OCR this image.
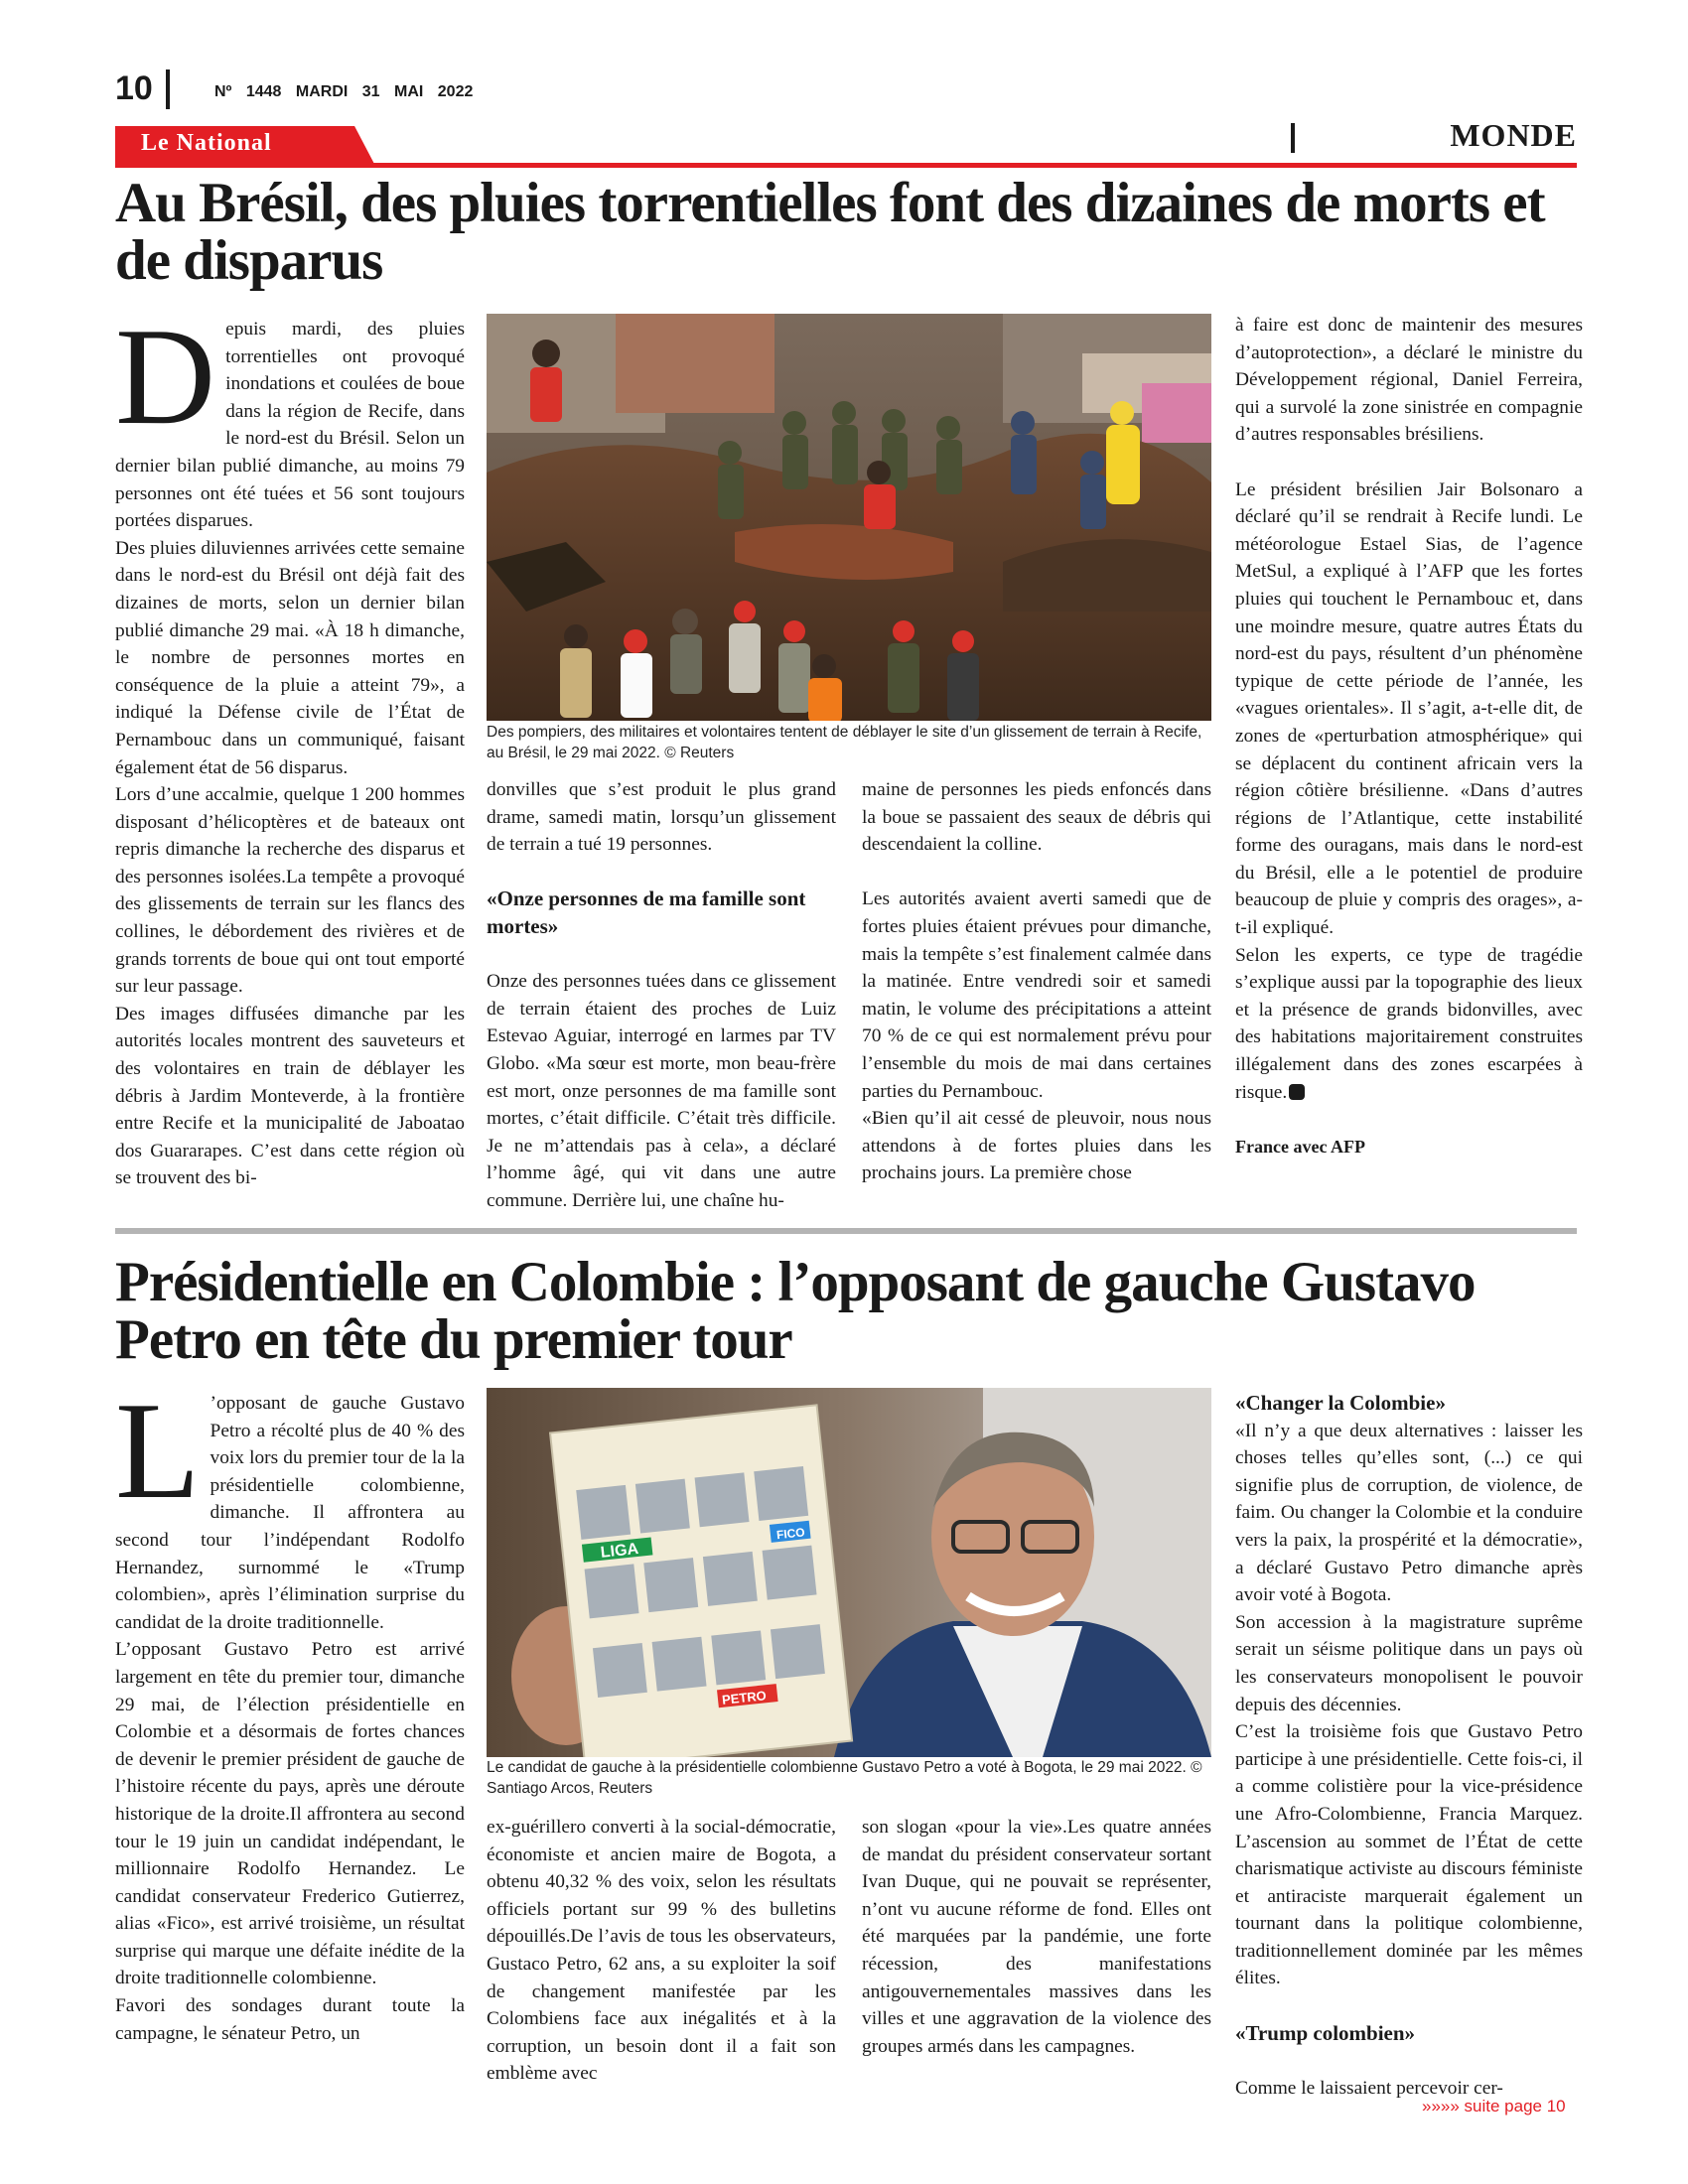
10	Nº 1448 MARDI 31 MAI 2022
Le National	MONDE
Au Brésil, des pluies torrentielles font des dizaines de morts et de disparus
D epuis mardi, des pluies torrentielles ont provoqué inondations et coulées de boue dans la région de Recife, dans le nord-est du Brésil. Selon un dernier bilan publié dimanche, au moins 79 personnes ont été tuées et 56 sont toujours portées disparues.

Des pluies diluviennes arrivées cette semaine dans le nord-est du Brésil ont déjà fait des dizaines de morts, selon un dernier bilan publié dimanche 29 mai. «À 18 h dimanche, le nombre de personnes mortes en conséquence de la pluie a atteint 79», a indiqué la Défense civile de l’État de Pernambouc dans un communiqué, faisant également état de 56 disparus.

Lors d’une accalmie, quelque 1 200 hommes disposant d’hélicoptères et de bateaux ont repris dimanche la recherche des disparus et des personnes isolées.La tempête a provoqué des glissements de terrain sur les flancs des collines, le débordement des rivières et de grands torrents de boue qui ont tout emporté sur leur passage.

Des images diffusées dimanche par les autorités locales montrent des sauveteurs et des volontaires en train de déblayer les débris à Jardim Monteverde, à la frontière entre Recife et la municipalité de Jaboatao dos Guararapes. C’est dans cette région où se trouvent des bi-

Des pompiers, des militaires et volontaires tentent de déblayer le site d’un glissement de terrain à Recife, au Brésil, le 29 mai 2022. © Reuters

donvilles que s’est produit le plus grand drame, samedi matin, lorsqu’un glissement de terrain a tué 19 personnes.

«Onze personnes de ma famille sont mortes»

Onze des personnes tuées dans ce glissement de terrain étaient des proches de Luiz Estevao Aguiar, interrogé en larmes par TV Globo. «Ma sœur est morte, mon beau-frère est mort, onze personnes de ma famille sont mortes, c’était difficile. C’était très difficile. Je ne m’attendais pas à cela», a déclaré l’homme âgé, qui vit dans une autre commune. Derrière lui, une chaîne hu-

maine de personnes les pieds enfoncés dans la boue se passaient des seaux de débris qui descendaient la colline.

Les autorités avaient averti samedi que de fortes pluies étaient prévues pour dimanche, mais la tempête s’est finalement calmée dans la matinée. Entre vendredi soir et samedi matin, le volume des précipitations a atteint 70 % de ce qui est normalement prévu pour l’ensemble du mois de mai dans certaines parties du Pernambouc.

«Bien qu’il ait cessé de pleuvoir, nous nous attendons à de fortes pluies dans les prochains jours. La première chose

à faire est donc de maintenir des mesures d’autoprotection», a déclaré le ministre du Développement régional, Daniel Ferreira, qui a survolé la zone sinistrée en compagnie d’autres responsables brésiliens.

Le président brésilien Jair Bolsonaro a déclaré qu’il se rendrait à Recife lundi. Le météorologue Estael Sias, de l’agence MetSul, a expliqué à l’AFP que les fortes pluies qui touchent le Pernambouc et, dans une moindre mesure, quatre autres États du nord-est du pays, résultent d’un phénomène typique de cette période de l’année, les «vagues orientales». Il s’agit, a-t-elle dit, de zones de «perturbation atmosphérique» qui se déplacent du continent africain vers la région côtière brésilienne. «Dans d’autres régions de l’Atlantique, cette instabilité forme des ouragans, mais dans le nord-est du Brésil, elle a le potentiel de produire beaucoup de pluie y compris des orages», a-t-il expliqué.

Selon les experts, ce type de tragédie s’explique aussi par la topographie des lieux et la présence de grands bidonvilles, avec des habitations majoritairement construites illégalement dans des zones escarpées à risque.

France avec AFP

Présidentielle en Colombie : l’opposant de gauche Gustavo Petro en tête du premier tour
L ’opposant de gauche Gustavo Petro a récolté plus de 40 % des voix lors du premier tour de la la présidentielle colombienne, dimanche. Il affrontera au second tour l’indépendant Rodolfo Hernandez, surnommé le «Trump colombien», après l’élimination surprise du candidat de la droite traditionnelle.

L’opposant Gustavo Petro est arrivé largement en tête du premier tour, dimanche 29 mai, de l’élection présidentielle en Colombie et a désormais de fortes chances de devenir le premier président de gauche de l’histoire récente du pays, après une déroute historique de la droite.Il affrontera au second tour le 19 juin un candidat indépendant, le millionnaire Rodolfo Hernandez. Le candidat conservateur Frederico Gutierrez, alias «Fico», est arrivé troisième, un résultat surprise qui marque une défaite inédite de la droite traditionnelle colombienne.

Favori des sondages durant toute la campagne, le sénateur Petro, un

LIGA
FICO
PETRO
Le candidat de gauche à la présidentielle colombienne Gustavo Petro a voté à Bogota, le 29 mai 2022. © Santiago Arcos, Reuters

ex-guérillero converti à la social-démocratie, économiste et ancien maire de Bogota, a obtenu 40,32 % des voix, selon les résultats officiels portant sur 99 % des bulletins dépouillés.De l’avis de tous les observateurs, Gustaco Petro, 62 ans, a su exploiter la soif de changement manifestée par les Colombiens face aux inégalités et à la corruption, un besoin dont il a fait son emblème avec

son slogan «pour la vie».Les quatre années de mandat du président conservateur sortant Ivan Duque, qui ne pouvait se représenter, n’ont vu aucune réforme de fond. Elles ont été marquées par la pandémie, une forte récession, des manifestations antigouvernementales massives dans les villes et une aggravation de la violence des groupes armés dans les campagnes.

«Changer la Colombie»

«Il n’y a que deux alternatives : laisser les choses telles qu’elles sont, (...) ce qui signifie plus de corruption, de violence, de faim. Ou changer la Colombie et la conduire vers la paix, la prospérité et la démocratie», a déclaré Gustavo Petro dimanche après avoir voté à Bogota.

Son accession à la magistrature suprême serait un séisme politique dans un pays où les conservateurs monopolisent le pouvoir depuis des décennies.

C’est la troisième fois que Gustavo Petro participe à une présidentielle. Cette fois-ci, il a comme colistière pour la vice-présidence une Afro-Colombienne, Francia Marquez. L’ascension au sommet de l’État de cette charismatique activiste au discours féministe et antiraciste marquerait également un tournant dans la politique colombienne, traditionnellement dominée par les mêmes élites.

«Trump colombien»

Comme le laissaient percevoir cer-

»»»» suite page 10
